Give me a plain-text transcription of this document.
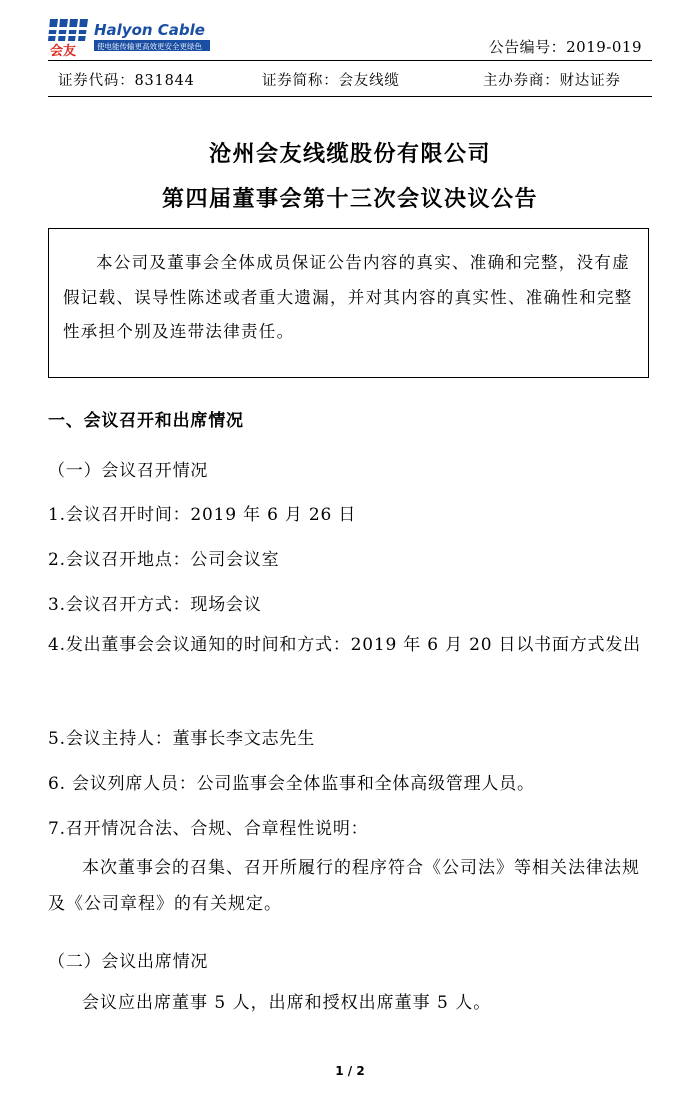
会友
Halyon Cable
使电能传输更高效更安全更绿色	公告编号：2019-019
证券代码：831844	证券简称：会友线缆	主办券商：财达证券
沧州会友线缆股份有限公司
第四届董事会第十三次会议决议公告

本公司及董事会全体成员保证公告内容的真实、准确和完整，没有虚假记载、误导性陈述或者重大遗漏，并对其内容的真实性、准确性和完整性承担个别及连带法律责任。

一、会议召开和出席情况
（一）会议召开情况
1.会议召开时间：2019 年 6 月 26 日
2.会议召开地点：公司会议室
3.会议召开方式：现场会议

4.发出董事会会议通知的时间和方式：2019 年 6 月 20 日以书面方式发出

5.会议主持人：董事长李文志先生
6. 会议列席人员：公司监事会全体监事和全体高级管理人员。
7.召开情况合法、合规、合章程性说明：

本次董事会的召集、召开所履行的程序符合《公司法》等相关法律法规及《公司章程》的有关规定。

（二）会议出席情况

会议应出席董事 5 人，出席和授权出席董事 5 人。

1 / 2
